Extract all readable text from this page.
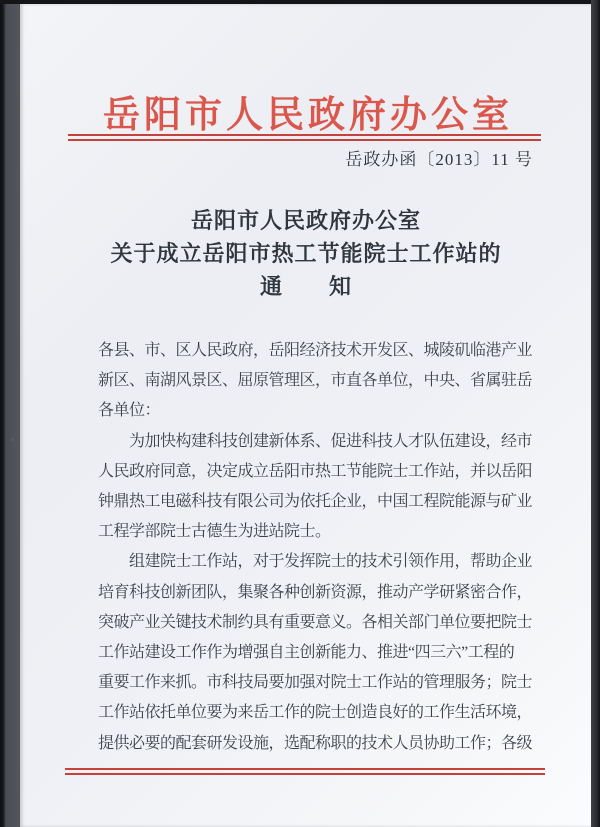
岳阳市人民政府办公室
岳政办函〔2013〕11 号
岳阳市人民政府办公室
关于成立岳阳市热工节能院士工作站的
通　　知
各县、市、区人民政府，岳阳经济技术开发区、城陵矶临港产业
新区、南湖风景区、屈原管理区，市直各单位，中央、省属驻岳
各单位：
　　为加快构建科技创建新体系、促进科技人才队伍建设，经市
人民政府同意，决定成立岳阳市热工节能院士工作站，并以岳阳
钟鼎热工电磁科技有限公司为依托企业，中国工程院能源与矿业
工程学部院士古德生为进站院士。
　　组建院士工作站，对于发挥院士的技术引领作用，帮助企业
培育科技创新团队，集聚各种创新资源，推动产学研紧密合作，
突破产业关键技术制约具有重要意义。各相关部门单位要把院士
工作站建设工作作为增强自主创新能力、推进“四三六”工程的
重要工作来抓。市科技局要加强对院士工作站的管理服务；院士
工作站依托单位要为来岳工作的院士创造良好的工作生活环境，
提供必要的配套研发设施，选配称职的技术人员协助工作；各级
